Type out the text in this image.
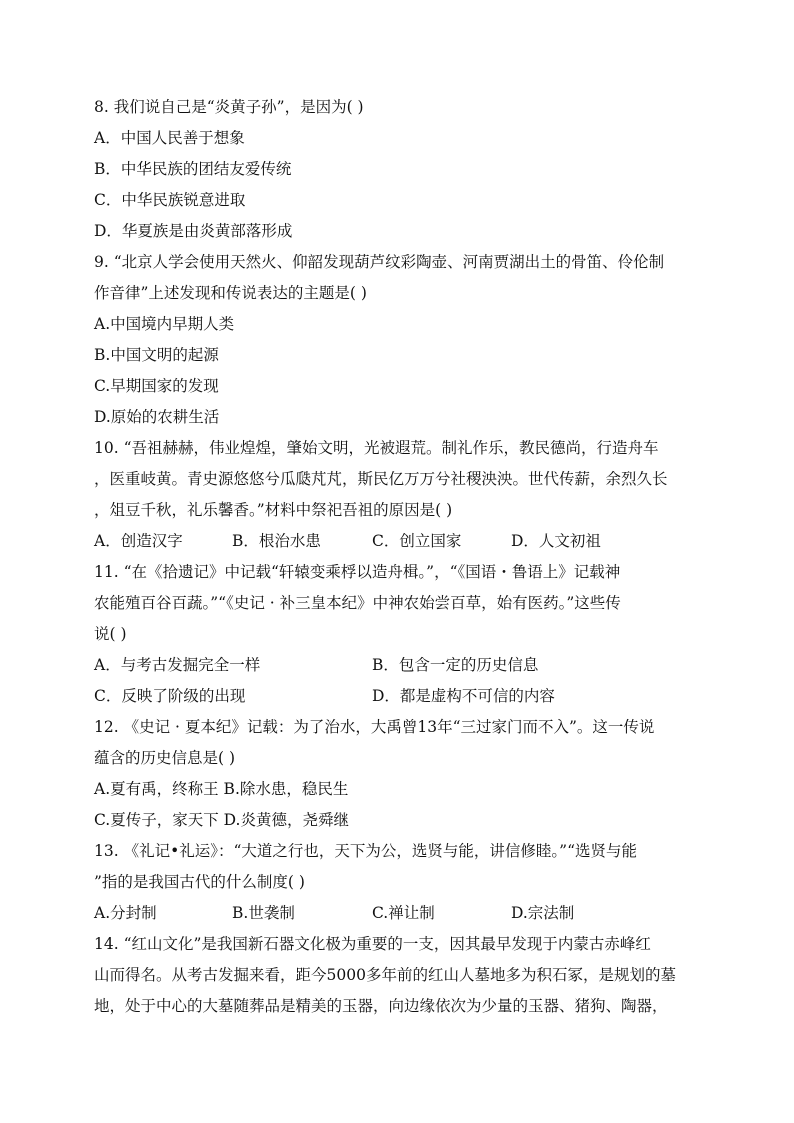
8. 我们说自己是“炎黄子孙”，是因为( )
A．中国人民善于想象
B．中华民族的团结友爱传统
C．中华民族锐意进取
D．华夏族是由炎黄部落形成
9. “北京人学会使用天然火、仰韶发现葫芦纹彩陶壶、河南贾湖出土的骨笛、伶伦制
作音律”上述发现和传说表达的主题是( )
A.中国境内早期人类
B.中国文明的起源
C.早期国家的发现
D.原始的农耕生活
10. “吾祖赫赫，伟业煌煌，肇始文明，光被遐荒。制礼作乐，教民德尚，行造舟车
，医重岐黄。青史源悠悠兮瓜瓞芃芃，斯民亿万万兮社稷泱泱。世代传薪，余烈久长
，俎豆千秋，礼乐馨香。”材料中祭祀吾祖的原因是( )
A．创造汉字	B．根治水患	C．创立国家	D．人文初祖
11. “在《拾遗记》中记载“轩辕变乘桴以造舟楫。”，“《国语・鲁语上》记载神
农能殖百谷百蔬。”“《史记 · 补三皇本纪》中神农始尝百草，始有医药。”这些传
说( )
A．与考古发掘完全一样	B．包含一定的历史信息
C．反映了阶级的出现	D．都是虚构不可信的内容
12. 《史记 · 夏本纪》记载：为了治水，大禹曾13年“三过家门而不入”。这一传说
蕴含的历史信息是( )
A.夏有禹，终称王 B.除水患，稳民生
C.夏传子，家天下 D.炎黄德，尧舜继
13. 《礼记•礼运》：“大道之行也，天下为公，选贤与能，讲信修睦。”“选贤与能
”指的是我国古代的什么制度( )
A.分封制	B.世袭制	C.禅让制	D.宗法制
14. “红山文化”是我国新石器文化极为重要的一支，因其最早发现于内蒙古赤峰红
山而得名。从考古发掘来看，距今5000多年前的红山人墓地多为积石冢，是规划的墓
地，处于中心的大墓随葬品是精美的玉器，向边缘依次为少量的玉器、猪狗、陶器，
